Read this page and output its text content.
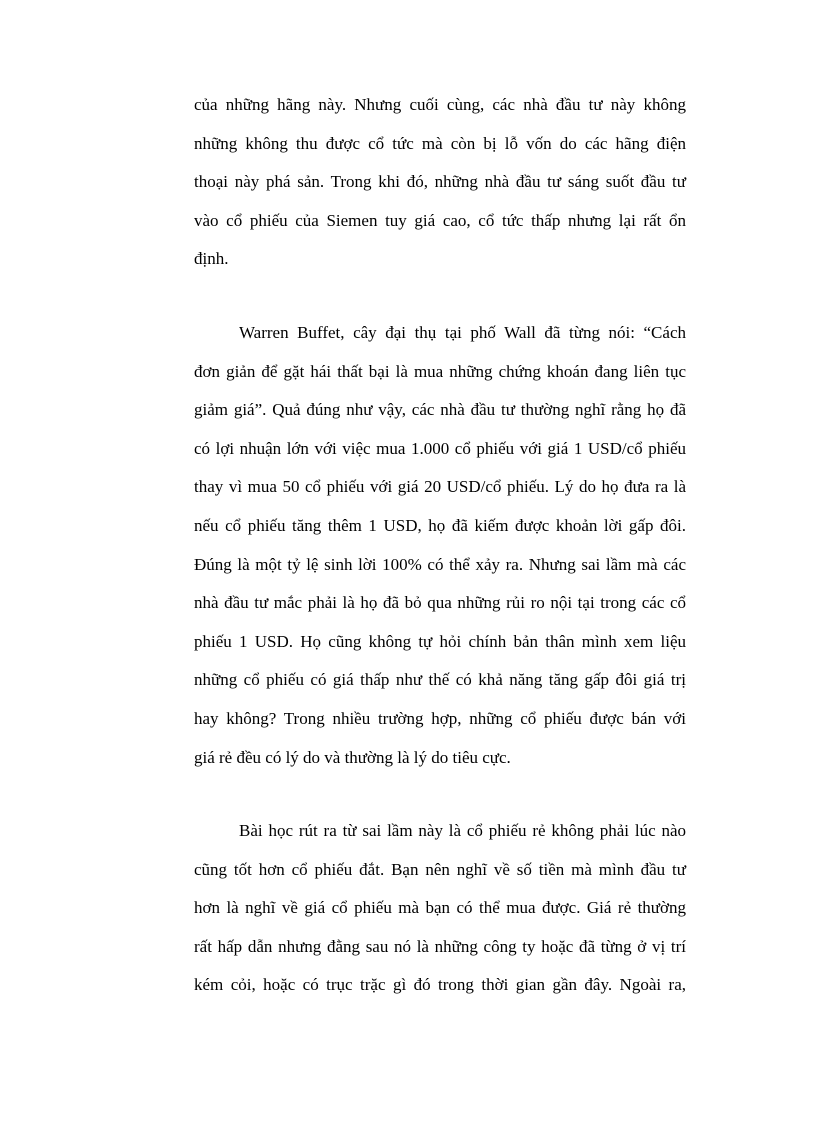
của những hãng này. Nhưng cuối cùng, các nhà đầu tư này không
những không thu được cổ tức mà còn bị lỗ vốn do các hãng điện
thoại này phá sản. Trong khi đó, những nhà đầu tư sáng suốt đầu tư
vào cổ phiếu của Siemen tuy giá cao, cổ tức thấp nhưng lại rất ổn
định.
Warren Buffet, cây đại thụ tại phố Wall đã từng nói: “Cách
đơn giản để gặt hái thất bại là mua những chứng khoán đang liên tục
giảm giá”. Quả đúng như vậy, các nhà đầu tư thường nghĩ rằng họ đã
có lợi nhuận lớn với việc mua 1.000 cổ phiếu với giá 1 USD/cổ phiếu
thay vì mua 50 cổ phiếu với giá 20 USD/cổ phiếu. Lý do họ đưa ra là
nếu cổ phiếu tăng thêm 1 USD, họ đã kiếm được khoản lời gấp đôi.
Đúng là một tỷ lệ sinh lời 100% có thể xảy ra. Nhưng sai lầm mà các
nhà đầu tư mắc phải là họ đã bỏ qua những rủi ro nội tại trong các cổ
phiếu 1 USD. Họ cũng không tự hỏi chính bản thân mình xem liệu
những cổ phiếu có giá thấp như thế có khả năng tăng gấp đôi giá trị
hay không? Trong nhiều trường hợp, những cổ phiếu được bán với
giá rẻ đều có lý do và thường là lý do tiêu cực.
Bài học rút ra từ sai lầm này là cổ phiếu rẻ không phải lúc nào
cũng tốt hơn cổ phiếu đắt. Bạn nên nghĩ về số tiền mà mình đầu tư
hơn là nghĩ về giá cổ phiếu mà bạn có thể mua được. Giá rẻ thường
rất hấp dẫn nhưng đằng sau nó là những công ty hoặc đã từng ở vị trí
kém cỏi, hoặc có trục trặc gì đó trong thời gian gần đây. Ngoài ra,
